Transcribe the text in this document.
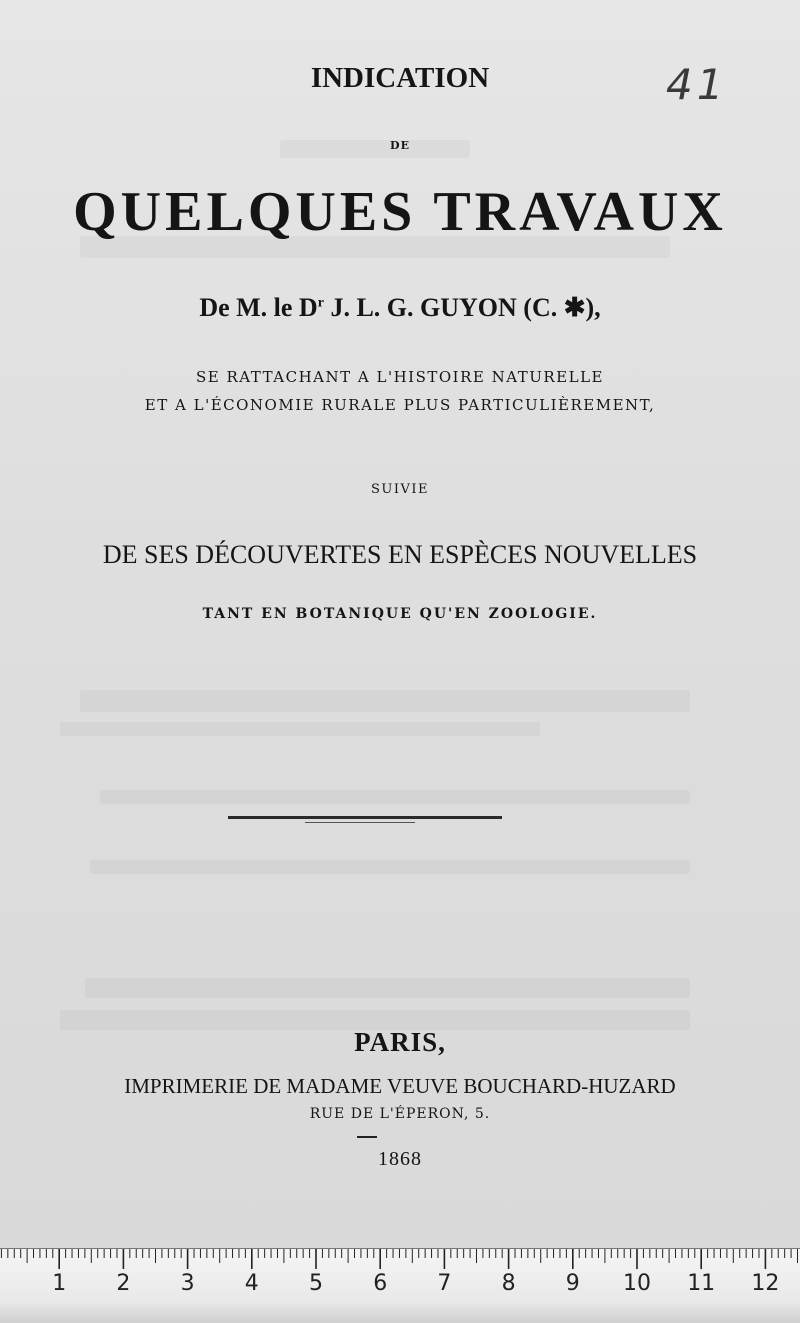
41
INDICATION
DE
QUELQUES TRAVAUX
De M. le $D^r$ J. L. G. GUYON (C. ✱),
SE RATTACHANT A L'HISTOIRE NATURELLE
ET A L'ÉCONOMIE RURALE PLUS PARTICULIÈREMENT,
SUIVIE
DE SES DÉCOUVERTES EN ESPÈCES NOUVELLES
TANT EN BOTANIQUE QU'EN ZOOLOGIE.
PARIS,
IMPRIMERIE DE MADAME VEUVE BOUCHARD-HUZARD
RUE DE L'ÉPERON, 5.
1868
1	2	3	4	5	6	7	8	9	10 11 12
